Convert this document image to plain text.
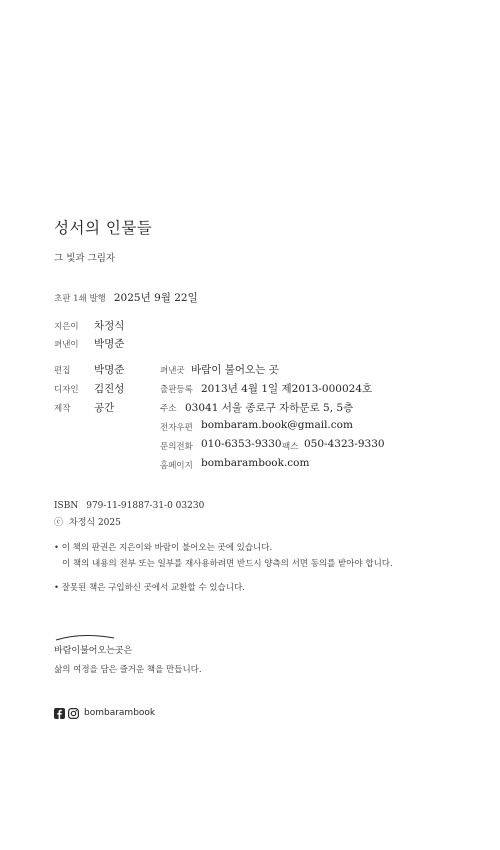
성서의 인물들
그 빛과 그림자
초판 1쇄 발행 2025년 9월 22일
지은이 차정식
펴낸이 박명준
편집 박명준
디자인 김진성
제작 공간
펴낸곳 바람이 불어오는 곳
출판등록 2013년 4월 1일 제2013-000024호
주소 03041 서울 종로구 자하문로 5, 5층
전자우편 bombaram.book@gmail.com
문의전화 010-6353-9330 팩스 050-4323-9330
홈페이지 bombarambook.com
ISBN 979-11-91887-31-0 03230
ⓒ 차정식 2025
• 이 책의 판권은 지은이와 바람이 불어오는 곳에 있습니다.
이 책의 내용의 전부 또는 일부를 재사용하려면 반드시 양측의 서면 동의를 받아야 합니다.
• 잘못된 책은 구입하신 곳에서 교환할 수 있습니다.
바람이불어오는곳은
삶의 여정을 담은 즐거운 책을 만듭니다.
bombarambook
